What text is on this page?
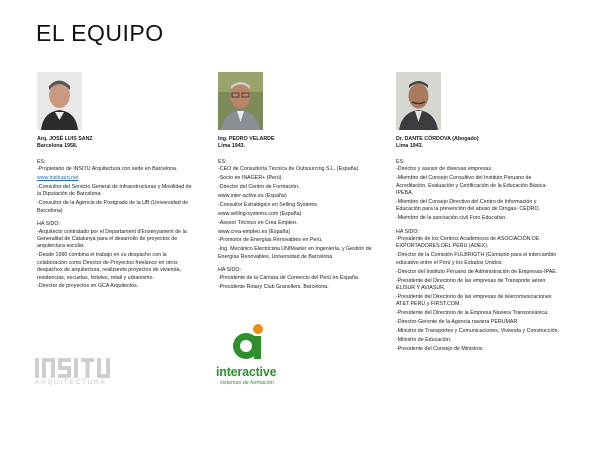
EL EQUIPO
Arq. JOSÉ LUIS SANZ
Barcelona 1958.
ES:
-Propietario de INSITU Arquitectura con sede en Barcelona.
www.insituarq.net
-Consultor del Servicio General de Infraestructuras y Movilidad de la Diputación de Barcelona.
-Consultor de la Agencia de Postgrado de la UB (Universidad de Barcelona)
HA SIDO:
-Arquitecto contratado por el Departament d'Ensenyament de la Generalitat de Catalunya para el desarrollo de proyectos de arquitectura escolar.
-Desde 1990 combina el trabajo en su despacho con la colaboración como Director de Proyectos freelance en otros despachos de arquitectura, realizando proyectos de vivienda, residencias, escuelas, hoteles, retail y urbanismo.
-Director de proyectos en GCA Arquitectos.
Ing. PEDRO VELARDE
Lima 1943.
ES:
-CEO de Consultoría Técnica de Outsourcing S.L. (España)
-Socio en INAGER+ (Perú).
-Director del Centro de Formación.
www.inter-active.es (España)
-Consultor Estratégico en Selling Systems.
www.selling-systems.com (España)
-Asesor Técnico en Crea Empleo.
www.crea-empleo.es (España)
-Promotor de Energías Renovables en Perú.
-Ing. Mecánico Electricista UNIMaster en Ingeniería, y Gestión de Energías Renovables, Universidad de Barcelona
HA SIDO:
-Presidente de la Cámara de Comercio del Perú en España.
-Presidente Rotary Club Granollers. Barcelona.
Dr. DANTE CÓRDOVA (Abogado)
Lima 1943.
ES:
-Director y asesor de diversas empresas.
-Miembro del Consejo Consultivo del Instituto Peruano de Acreditación, Evaluación y Certificación de la Educación Básica-IPEBA.
-Miembro del Consejo Directivo del Centro de Información y Educación para la prevención del abuso de Drogas- CEDRO.
-Miembro de la asociación civil Foro Educativo.
HA SIDO:
-Presidente de los Centros Académicos de ASOCIACIÓN DE EXPORTADORES DEL PERU (ADEX).
-Director de la Comisión FULBRIGTH (Comisión para el intercambio educativo entre el Perú y los Estados Unidos.
-Director del Instituto Peruano de Administración de Empresas-IPAE.
-Presidente del Directorio de las empresas de Transporte aéreo ELISUR Y AVIASUR.
-Presidente del Directorio de las empresas de telecomunicaciones AT&T PERU y FIRST.COM.
-Presidente del Directorio de la Empresa Naviera Transoceánica.
-Director-Gerente de la Agencia naviera PERUMAR
-Ministro de Transportes y Comunicaciones, Vivienda y Construcción.
-Ministro de Educación.
-Presidente del Consejo de Ministros.
ARQUITECTURA
interactive
sistemas de formación
